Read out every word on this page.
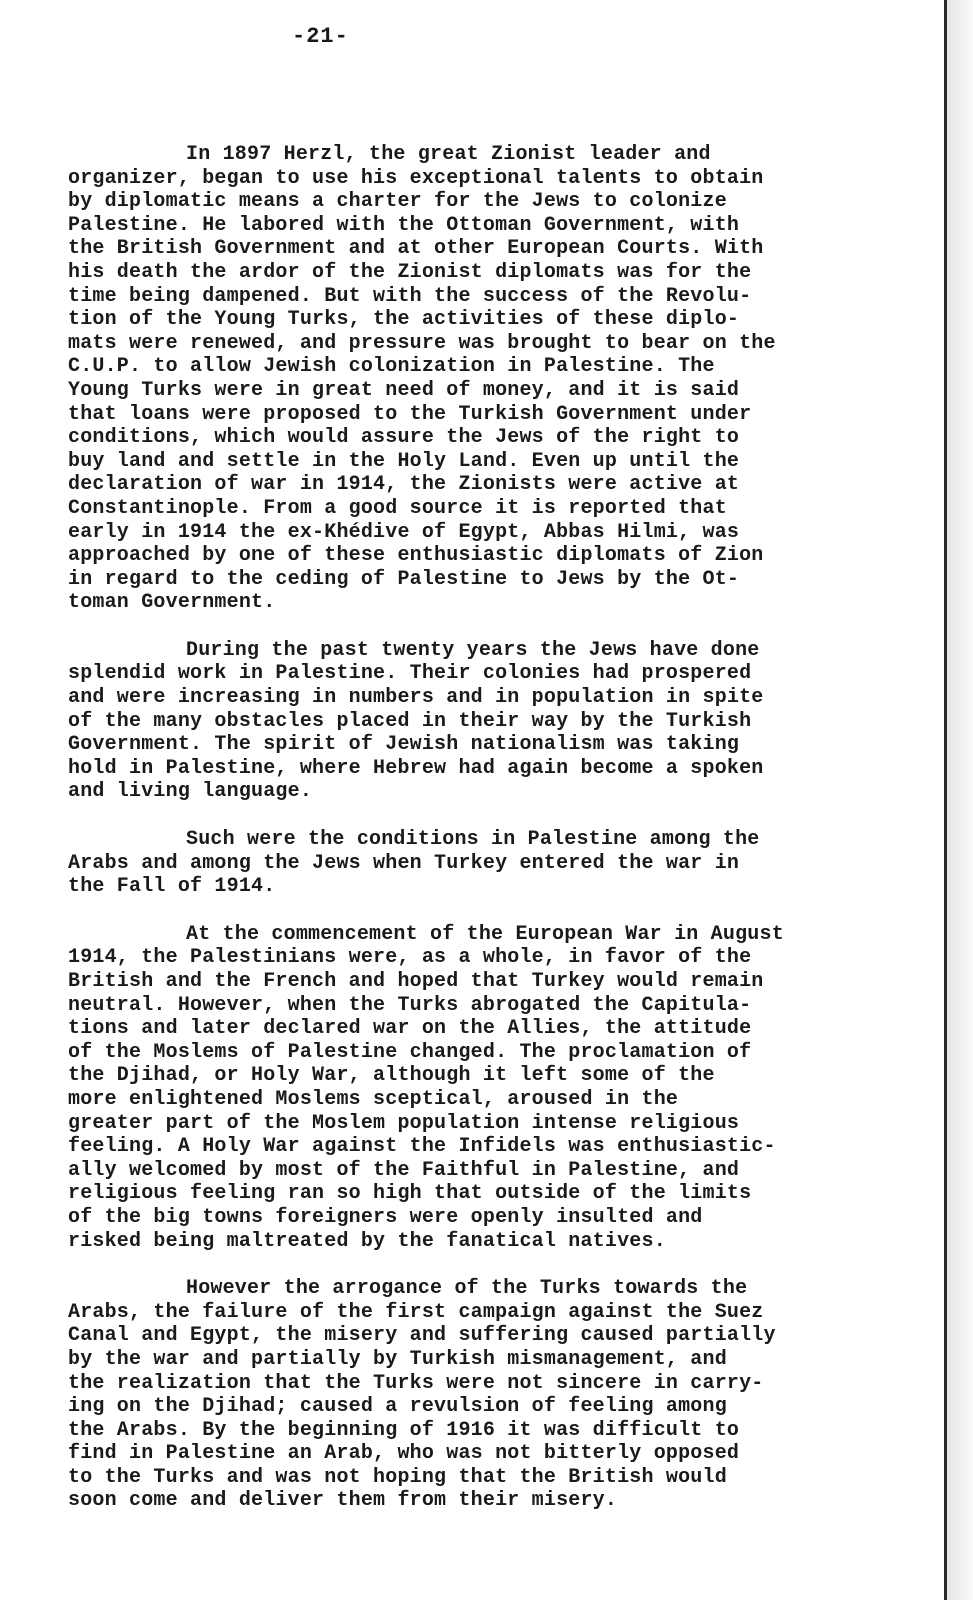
-21-

In 1897 Herzl, the great Zionist leader and
organizer, began to use his exceptional talents to obtain
by diplomatic means a charter for the Jews to colonize
Palestine. He labored with the Ottoman Government, with
the British Government and at other European Courts. With
his death the ardor of the Zionist diplomats was for the
time being dampened. But with the success of the Revolu-
tion of the Young Turks, the activities of these diplo-
mats were renewed, and pressure was brought to bear on the
C.U.P. to allow Jewish colonization in Palestine. The
Young Turks were in great need of money, and it is said
that loans were proposed to the Turkish Government under
conditions, which would assure the Jews of the right to
buy land and settle in the Holy Land. Even up until the
declaration of war in 1914, the Zionists were active at
Constantinople. From a good source it is reported that
early in 1914 the ex-Khédive of Egypt, Abbas Hilmi, was
approached by one of these enthusiastic diplomats of Zion
in regard to the ceding of Palestine to Jews by the Ot-
toman Government.

During the past twenty years the Jews have done
splendid work in Palestine. Their colonies had prospered
and were increasing in numbers and in population in spite
of the many obstacles placed in their way by the Turkish
Government. The spirit of Jewish nationalism was taking
hold in Palestine, where Hebrew had again become a spoken
and living language.

Such were the conditions in Palestine among the
Arabs and among the Jews when Turkey entered the war in
the Fall of 1914.

At the commencement of the European War in August
1914, the Palestinians were, as a whole, in favor of the
British and the French and hoped that Turkey would remain
neutral. However, when the Turks abrogated the Capitula-
tions and later declared war on the Allies, the attitude
of the Moslems of Palestine changed. The proclamation of
the Djihad, or Holy War, although it left some of the
more enlightened Moslems sceptical, aroused in the
greater part of the Moslem population intense religious
feeling. A Holy War against the Infidels was enthusiastic-
ally welcomed by most of the Faithful in Palestine, and
religious feeling ran so high that outside of the limits
of the big towns foreigners were openly insulted and
risked being maltreated by the fanatical natives.

However the arrogance of the Turks towards the
Arabs, the failure of the first campaign against the Suez
Canal and Egypt, the misery and suffering caused partially
by the war and partially by Turkish mismanagement, and
the realization that the Turks were not sincere in carry-
ing on the Djihad; caused a revulsion of feeling among
the Arabs. By the beginning of 1916 it was difficult to
find in Palestine an Arab, who was not bitterly opposed
to the Turks and was not hoping that the British would
soon come and deliver them from their misery.
